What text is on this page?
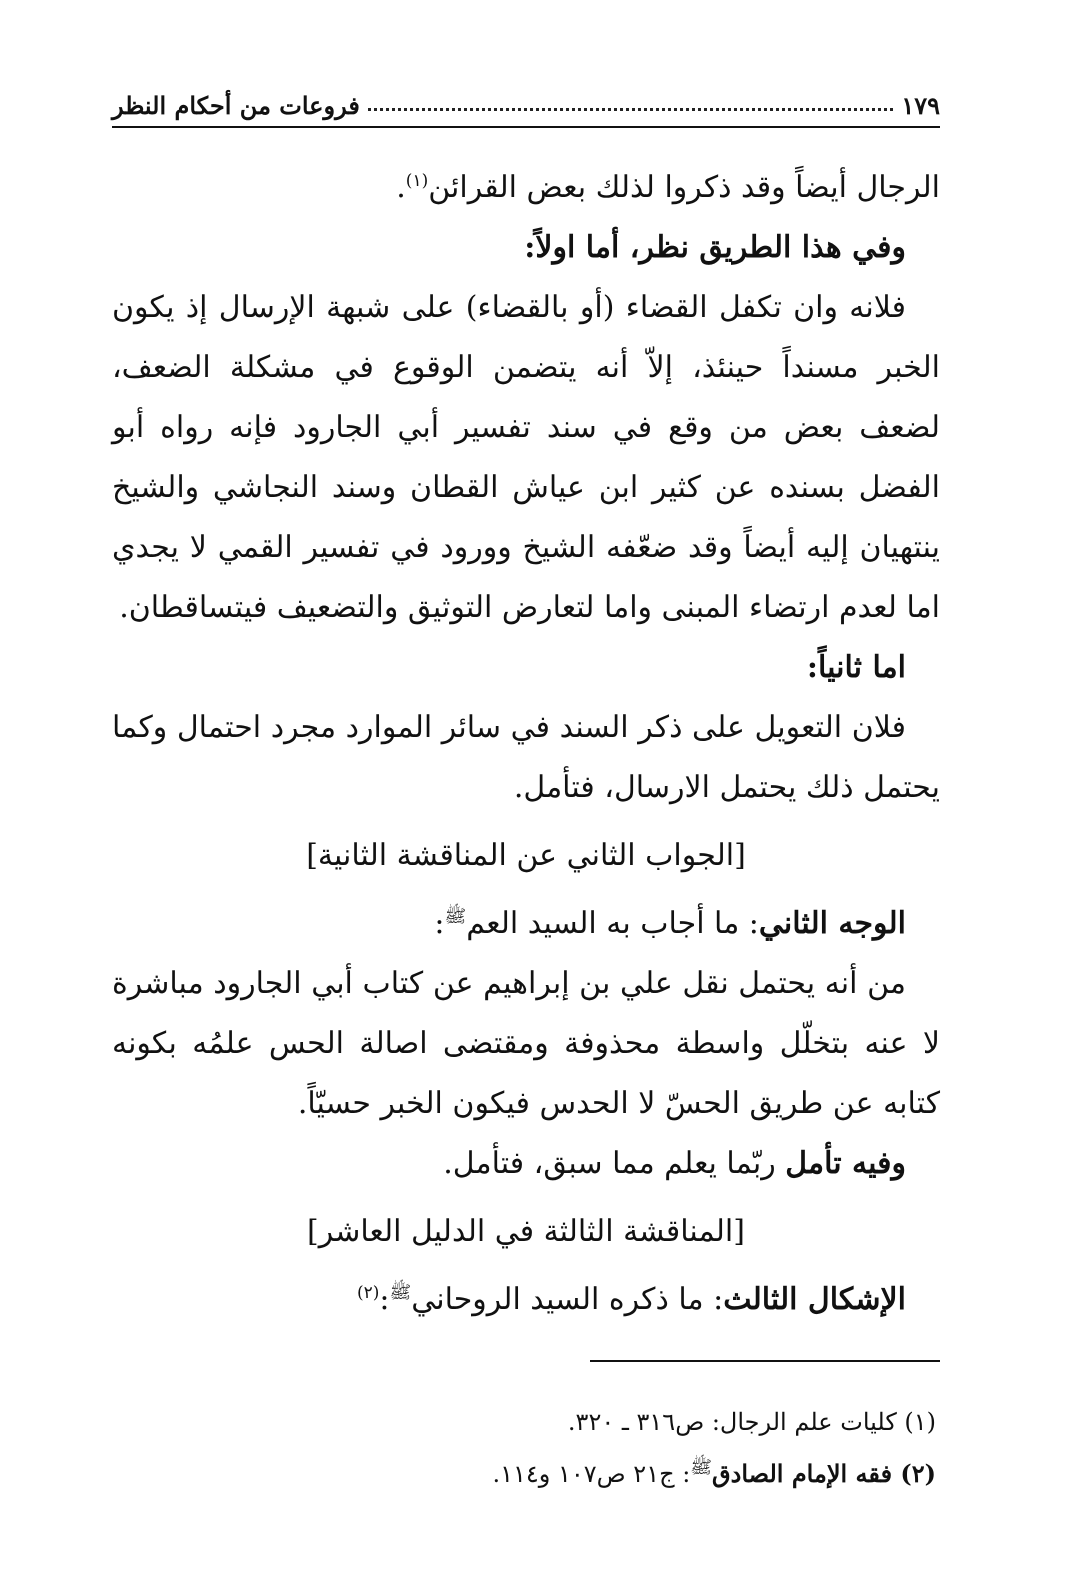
١٧٩
فروعات من أحكام النظر

الرجال أيضاً وقد ذكروا لذلك بعض القرائن$^{(١)}$.

وفي هذا الطريق نظر، أما اولاً:

فلانه وان تكفل القضاء (أو بالقضاء) على شبهة الإرسال إذ يكون الخبر مسنداً حينئذ، إلاّ أنه يتضمن الوقوع في مشكلة الضعف، لضعف بعض من وقع في سند تفسير أبي الجارود فإنه رواه أبو الفضل بسنده عن كثير ابن عياش القطان وسند النجاشي والشيخ ينتهيان إليه أيضاً وقد ضعّفه الشيخ وورود في تفسير القمي لا يجدي اما لعدم ارتضاء المبنى واما لتعارض التوثيق والتضعيف فيتساقطان.

اما ثانياً:

فلان التعويل على ذكر السند في سائر الموارد مجرد احتمال وكما يحتمل ذلك يحتمل الارسال، فتأمل.

[الجواب الثاني عن المناقشة الثانية]

الوجه الثاني: ما أجاب به السيد العم$^ﷺ$:

من أنه يحتمل نقل علي بن إبراهيم عن كتاب أبي الجارود مباشرة لا عنه بتخلّل واسطة محذوفة ومقتضى اصالة الحس علمُه بكونه كتابه عن طريق الحسّ لا الحدس فيكون الخبر حسيّاً.

وفيه تأمل ربّما يعلم مما سبق، فتأمل.

[المناقشة الثالثة في الدليل العاشر]

الإشكال الثالث: ما ذكره السيد الروحاني$^ﷺ$:$^{(٢)}$

(١) كليات علم الرجال: ص٣١٦ ـ ٣٢٠.

(٢) فقه الإمام الصادق$^ﷺ$: ج٢١ ص١٠٧ و١١٤.
